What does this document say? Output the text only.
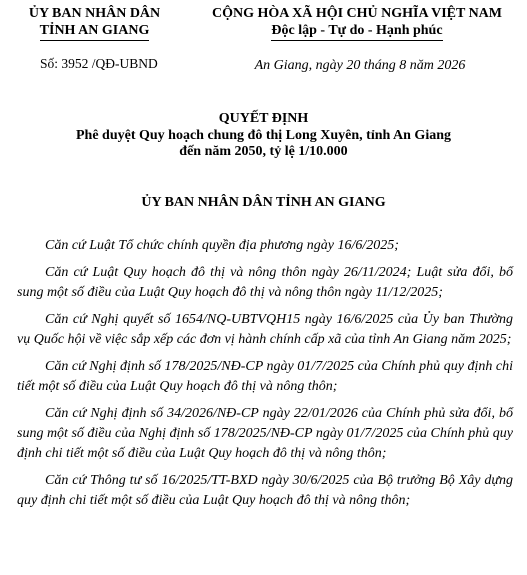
ỦY BAN NHÂN DÂN
TỈNH AN GIANG
Số: 3952 /QĐ-UBND
CỘNG HÒA XÃ HỘI CHỦ NGHĨA VIỆT NAM
Độc lập - Tự do - Hạnh phúc
An Giang, ngày 20 tháng 8 năm 2026
QUYẾT ĐỊNH
Phê duyệt Quy hoạch chung đô thị Long Xuyên, tỉnh An Giang
đến năm 2050, tỷ lệ 1/10.000
ỦY BAN NHÂN DÂN TỈNH AN GIANG

Căn cứ Luật Tổ chức chính quyền địa phương ngày 16/6/2025;

Căn cứ Luật Quy hoạch đô thị và nông thôn ngày 26/11/2024; Luật sửa đổi, bổ sung một số điều của Luật Quy hoạch đô thị và nông thôn ngày 11/12/2025;

Căn cứ Nghị quyết số 1654/NQ-UBTVQH15 ngày 16/6/2025 của Ủy ban Thường vụ Quốc hội về việc sắp xếp các đơn vị hành chính cấp xã của tỉnh An Giang năm 2025;

Căn cứ Nghị định số 178/2025/NĐ-CP ngày 01/7/2025 của Chính phủ quy định chi tiết một số điều của Luật Quy hoạch đô thị và nông thôn;

Căn cứ Nghị định số 34/2026/NĐ-CP ngày 22/01/2026 của Chính phủ sửa đổi, bổ sung một số điều của Nghị định số 178/2025/NĐ-CP ngày 01/7/2025 của Chính phủ quy định chi tiết một số điều của Luật Quy hoạch đô thị và nông thôn;

Căn cứ Thông tư số 16/2025/TT-BXD ngày 30/6/2025 của Bộ trưởng Bộ Xây dựng quy định chi tiết một số điều của Luật Quy hoạch đô thị và nông thôn;
